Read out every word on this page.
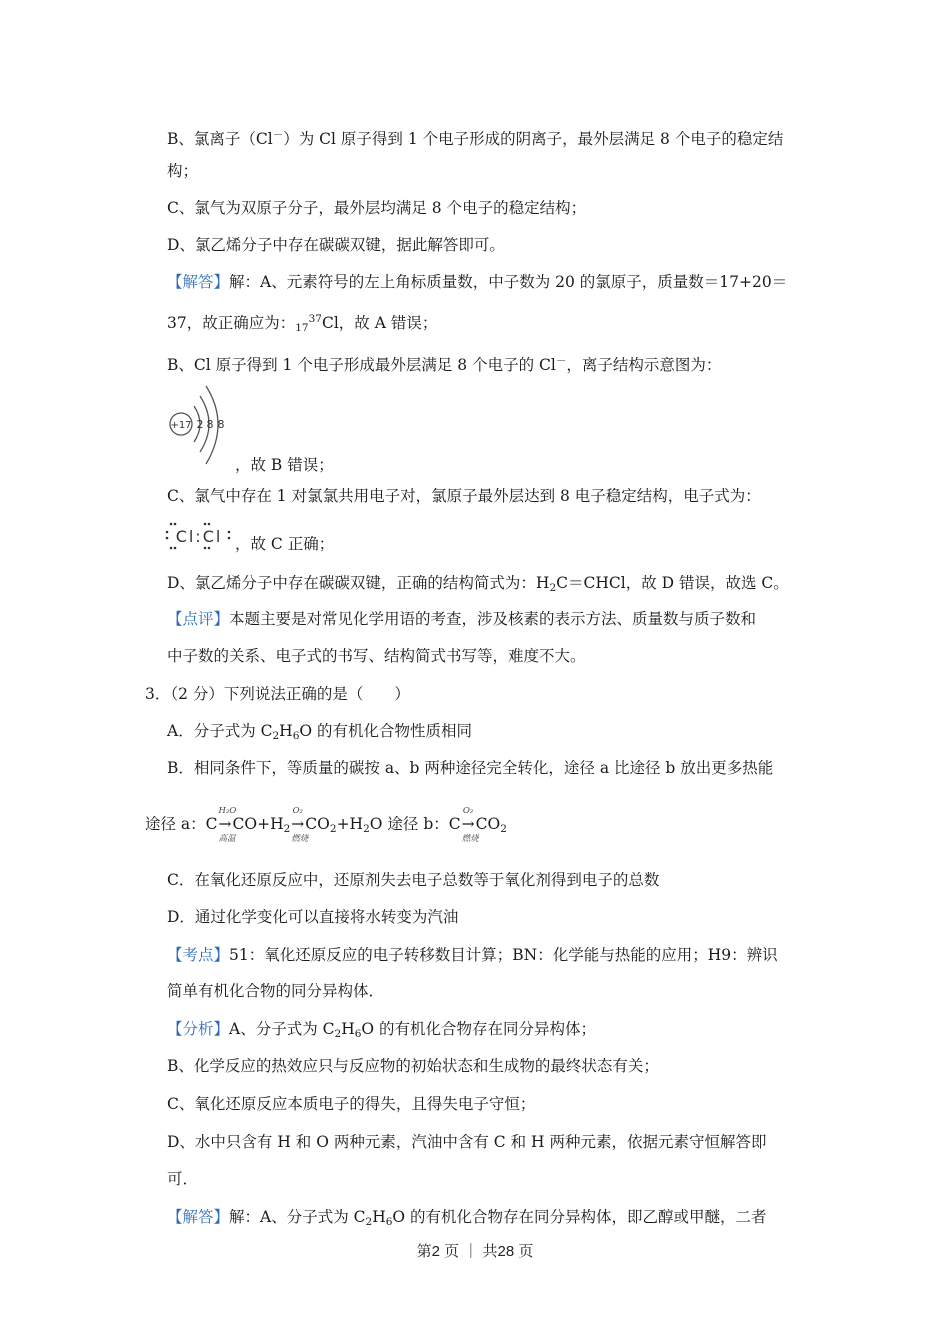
B、氯离子（Cl－）为 Cl 原子得到 1 个电子形成的阴离子，最外层满足 8 个电子的稳定结
构；
C、氯气为双原子分子，最外层均满足 8 个电子的稳定结构；
D、氯乙烯分子中存在碳碳双键，据此解答即可。
【解答】解：A、元素符号的左上角标质量数，中子数为 20 的氯原子，质量数＝17+20＝
37，故正确应为：$_{17}^{37}$Cl，故 A 错误；
B、Cl 原子得到 1 个电子形成最外层满足 8 个电子的 Cl－，离子结构示意图为：
+17 2 8 8
，故 B 错误；
C、氯气中存在 1 对氯氯共用电子对，氯原子最外层达到 8 电子稳定结构，电子式为：
Cl:Cl ，故 C 正确；
D、氯乙烯分子中存在碳碳双键，正确的结构简式为：$H_2C=CHCl$，故 D 错误，故选 C。
【点评】本题主要是对常见化学用语的考查，涉及核素的表示方法、质量数与质子数和
中子数的关系、电子式的书写、结构简式书写等，难度不大。
3．（2 分）下列说法正确的是（　　）
A．分子式为 $C_2H_6O$ 的有机化合物性质相同
B．相同条件下，等质量的碳按 a、b 两种途径完全转化，途径 a 比途径 b 放出更多热能
途径 a：C
H₂O
→
高温
$CO+H_2$
O₂
→
燃烧
$CO_2+H_2O$ 途径 b：C
O₂
→
燃烧
$CO_2$
C．在氧化还原反应中，还原剂失去电子总数等于氧化剂得到电子的总数
D．通过化学变化可以直接将水转变为汽油
【考点】51：氧化还原反应的电子转移数目计算；BN：化学能与热能的应用；H9：辨识
简单有机化合物的同分异构体．
【分析】A、分子式为 $C_2H_6O$ 的有机化合物存在同分异构体；
B、化学反应的热效应只与反应物的初始状态和生成物的最终状态有关；
C、氧化还原反应本质电子的得失，且得失电子守恒；
D、水中只含有 H 和 O 两种元素，汽油中含有 C 和 H 两种元素，依据元素守恒解答即
可．
【解答】解：A、分子式为 $C_2H_6O$ 的有机化合物存在同分异构体，即乙醇或甲醚，二者
第2 页 ｜ 共28 页
